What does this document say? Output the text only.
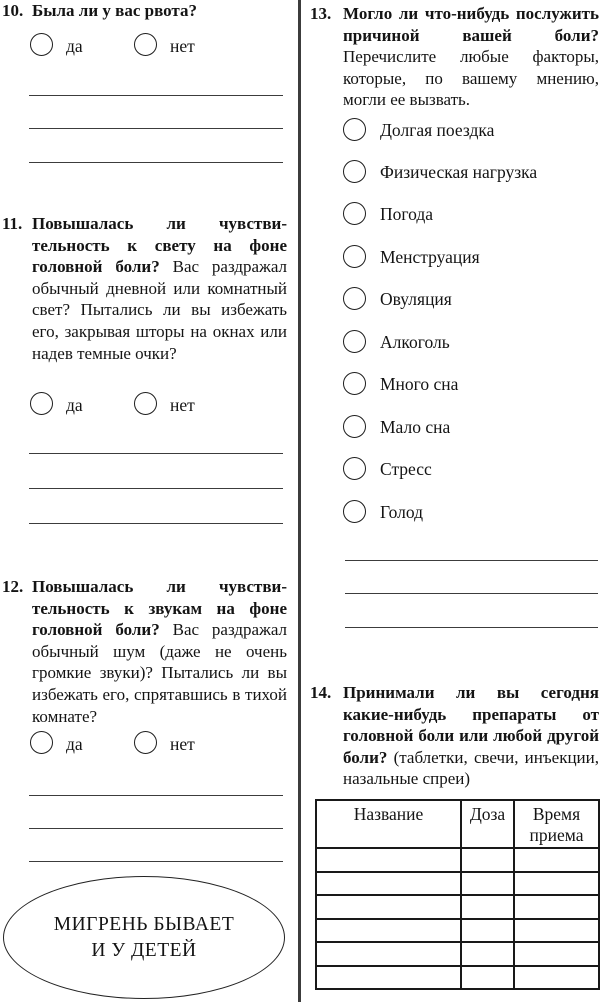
10. Была ли у вас рвота?
да	нет
11. Повышалась ли чувствительность к свету на фоне головной боли? Вас раздражал обычный дневной или комнатный свет? Пытались ли вы избежать его, закрывая шторы на окнах или надев темные очки?
да	нет
12. Повышалась ли чувствительность к звукам на фоне головной боли? Вас раздражал обычный шум (даже не очень громкие звуки)? Пытались ли вы избежать его, спрятавшись в тихой комнате?
да	нет
МИГРЕНЬ БЫВАЕТ
И У ДЕТЕЙ
13. Могло ли что-нибудь послужить причиной вашей боли? Перечислите любые факторы, которые, по вашему мнению, могли ее вызвать.
Долгая поездка
Физическая нагрузка
Погода
Менструация
Овуляция
Алкоголь
Много сна
Мало сна
Стресс
Голод
14. Принимали ли вы сегодня какие-нибудь препараты от головной боли или любой другой боли? (таблетки, свечи, инъекции, назальные спреи)
Название	Доза	Время приема
